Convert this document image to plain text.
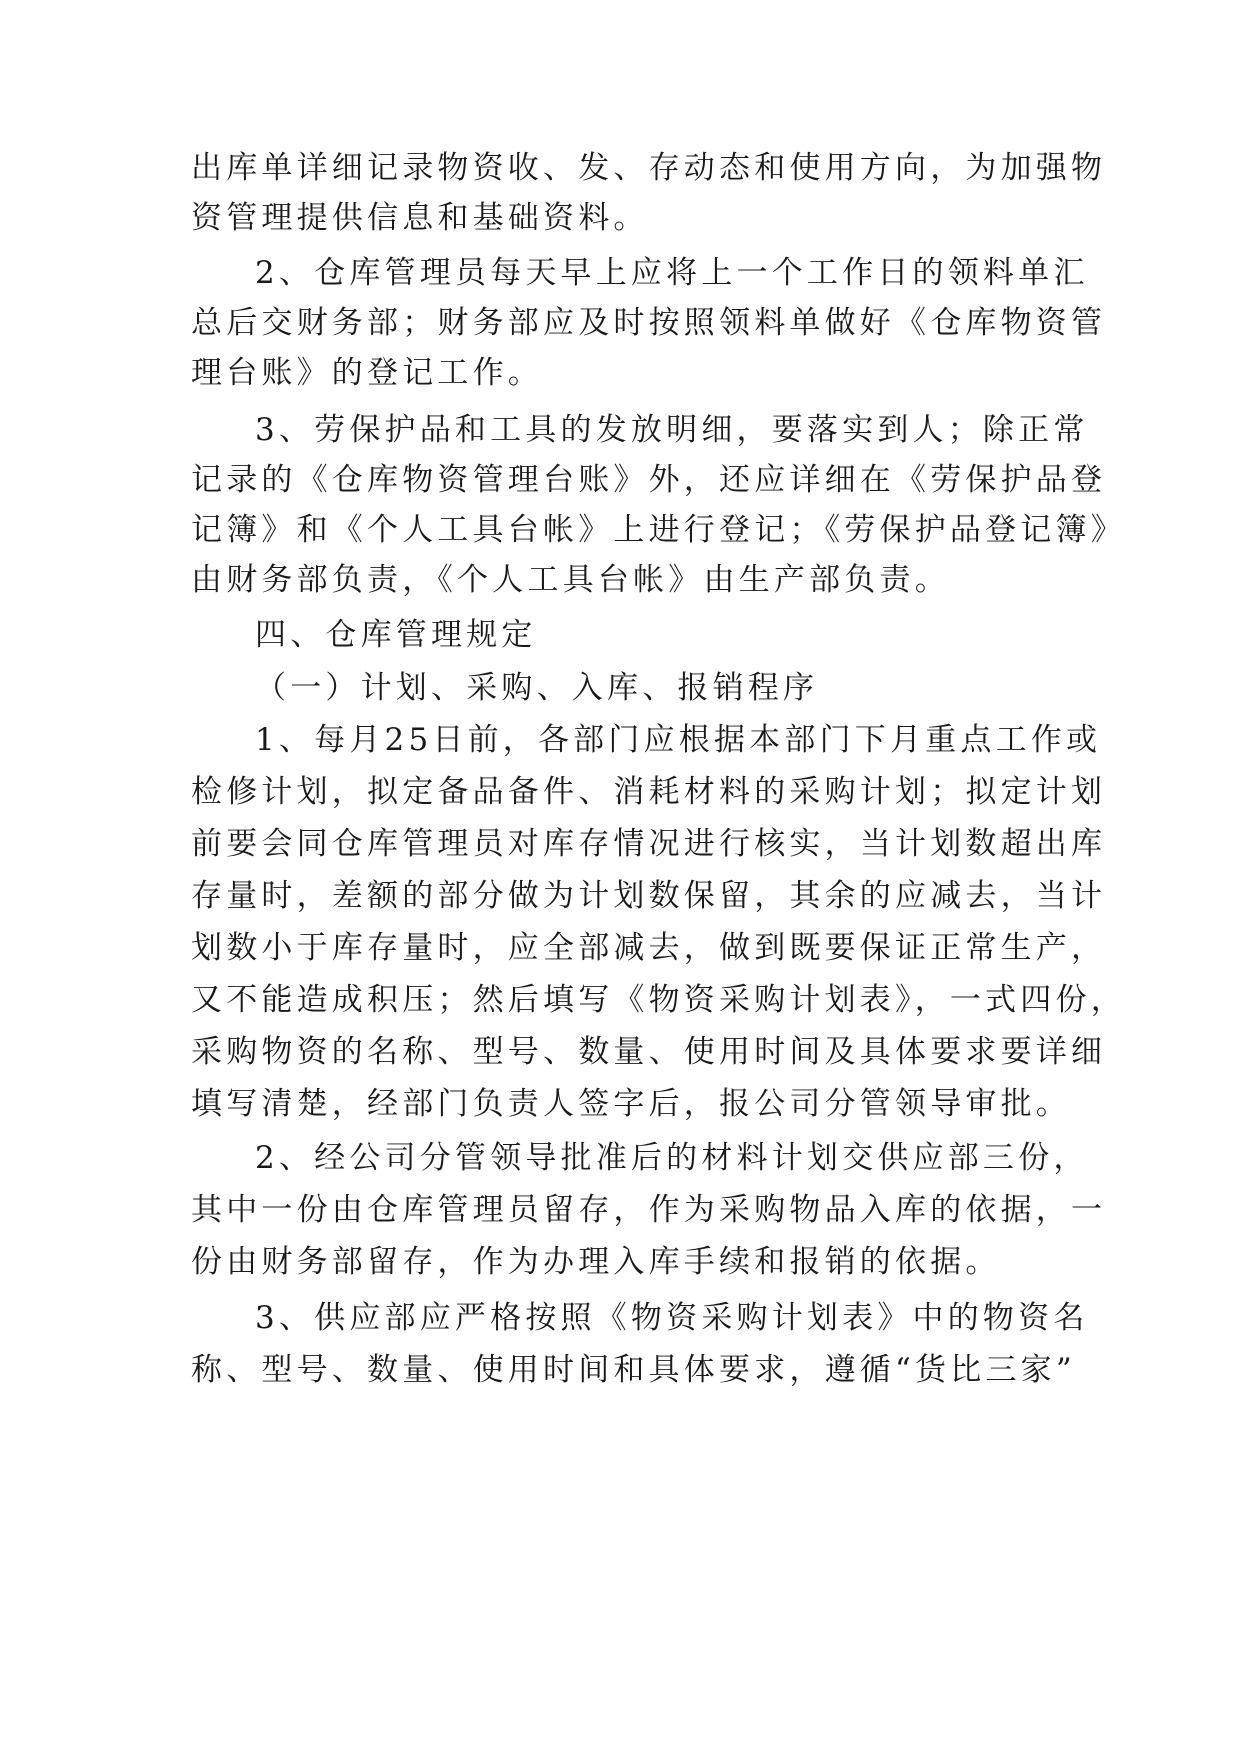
出库单详细记录物资收、发、存动态和使用方向，为加强物
资管理提供信息和基础资料。
2、仓库管理员每天早上应将上一个工作日的领料单汇
总后交财务部；财务部应及时按照领料单做好《仓库物资管
理台账》的登记工作。
3、劳保护品和工具的发放明细，要落实到人；除正常
记录的《仓库物资管理台账》外，还应详细在《劳保护品登
记簿》和《个人工具台帐》上进行登记；《劳保护品登记簿》
由财务部负责，《个人工具台帐》由生产部负责。
四、仓库管理规定
（一）计划、采购、入库、报销程序
1、每月25日前，各部门应根据本部门下月重点工作或
检修计划，拟定备品备件、消耗材料的采购计划；拟定计划
前要会同仓库管理员对库存情况进行核实，当计划数超出库
存量时，差额的部分做为计划数保留，其余的应减去，当计
划数小于库存量时，应全部减去，做到既要保证正常生产，
又不能造成积压；然后填写《物资采购计划表》，一式四份，
采购物资的名称、型号、数量、使用时间及具体要求要详细
填写清楚，经部门负责人签字后，报公司分管领导审批。
2、经公司分管领导批准后的材料计划交供应部三份，
其中一份由仓库管理员留存，作为采购物品入库的依据，一
份由财务部留存，作为办理入库手续和报销的依据。
3、供应部应严格按照《物资采购计划表》中的物资名
称、型号、数量、使用时间和具体要求，遵循“货比三家”
